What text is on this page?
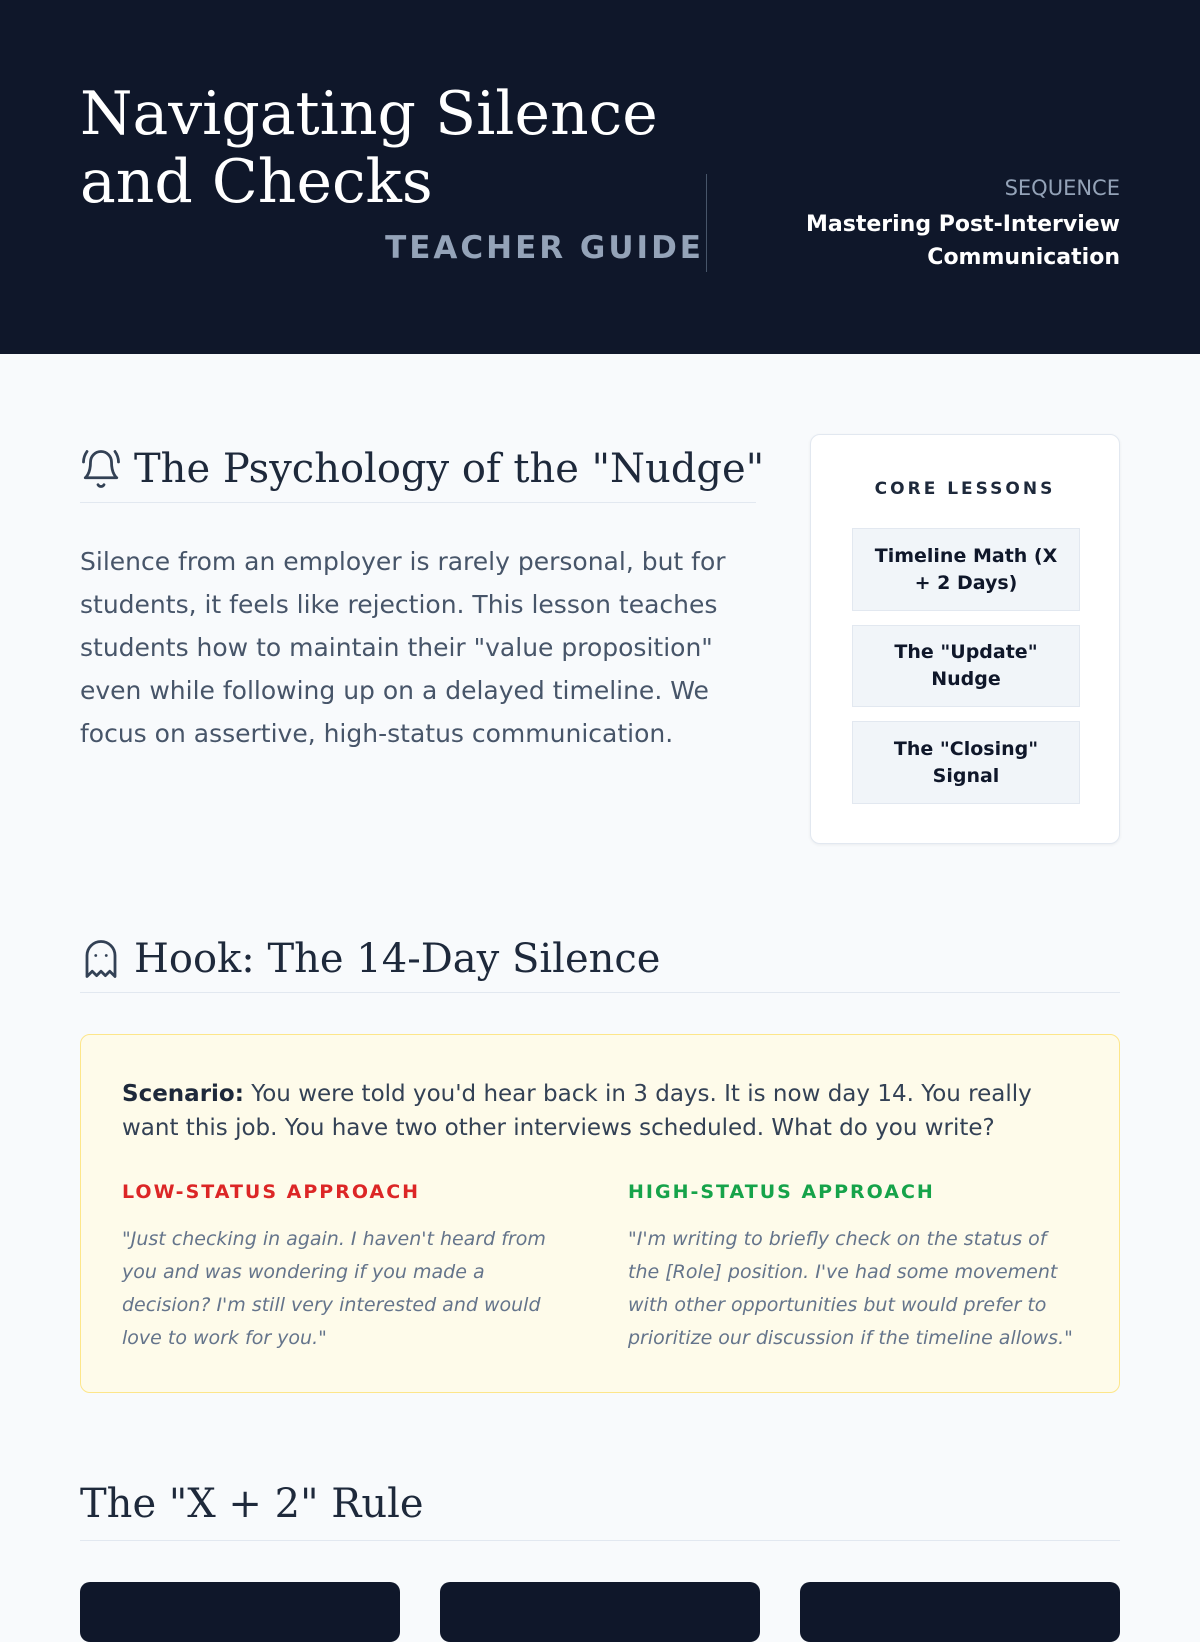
Navigating Silence and Checks
TEACHER GUIDE
SEQUENCE
Mastering Post-Interview Communication
The Psychology of the "Nudge"

Silence from an employer is rarely personal, but for students, it feels like rejection. This lesson teaches students how to maintain their "value proposition" even while following up on a delayed timeline. We focus on assertive, high-status communication.

CORE LESSONS
Timeline Math (X + 2 Days)
The "Update" Nudge
The "Closing" Signal
Hook: The 14-Day Silence

Scenario: You were told you'd hear back in 3 days. It is now day 14. You really want this job. You have two other interviews scheduled. What do you write?

LOW-STATUS APPROACH

"Just checking in again. I haven't heard from you and was wondering if you made a decision? I'm still very interested and would love to work for you."

HIGH-STATUS APPROACH

"I'm writing to briefly check on the status of the [Role] position. I've had some movement with other opportunities but would prefer to prioritize our discussion if the timeline allows."

The "X + 2" Rule
